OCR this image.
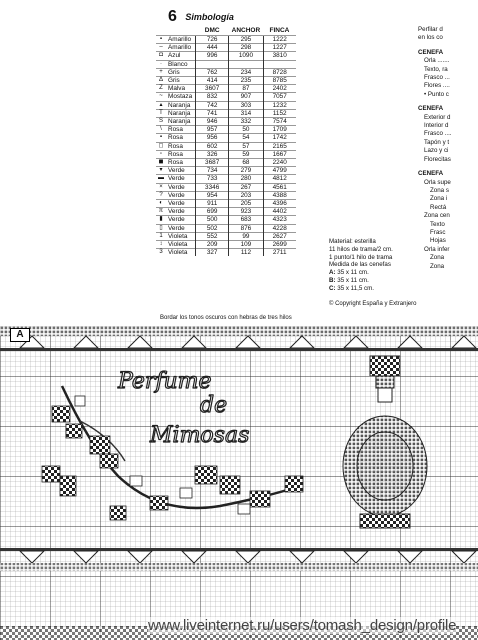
6 Simbología
		DMC	ANCHOR	FINCA
▪	Amarillo	726	295	1222
–	Amarillo	444	298	1227
◘	Azul	996	1090	3810
·	Blanco			
+	Gris	762	234	8728
Δ	Gris	414	235	8785
Z	Malva	3607	87	2402
~	Mostaza	832	907	7057
▴	Naranja	742	303	1232
T	Naranja	741	314	1152
S	Naranja	946	332	7574
\	Rosa	957	50	1709
▪	Rosa	956	54	1742
◻	Rosa	602	57	2165
▫	Rosa	326	59	1667
◼	Rosa	3687	68	2240
▾	Verde	734	279	4799
▬	Verde	733	280	4812
×	Verde	3346	267	4561
?	Verde	954	203	4388
◐	Verde	911	205	4396
π	Verde	699	923	4402
▮	Verde	500	683	4323
▯	Verde	502	876	4228
1	Violeta	552	99	2627
↕	Violeta	209	109	2699
3	Violeta	327	112	2711
Bordar los tonos oscuros con hebras de tres hilos
Material: esterilla
11 hilos de trama/2 cm.
1 punto/1 hilo de trama
Medida de las cenefas
A: 35 x 11 cm.
B: 35 x 11 cm.
C: 35 x 11,5 cm.
© Copyright España y Extranjero
Perfilar d
en los co
CENEFA
Orla .......
Texto, ra
Frasco ...
Flores ....
• Punto c
CENEFA
Exterior d
Interior d
Frasco ....
Tapón y t
Lazo y ci
Florecitas
CENEFA
Orla supe
Zona s
Zona i
Rectá
Zona cen
Texto
Frasc
Hojas
Orla infer
Zona
Zona
Perfume
de
Mimosas
A
www.liveinternet.ru/users/tomash_design/profile
